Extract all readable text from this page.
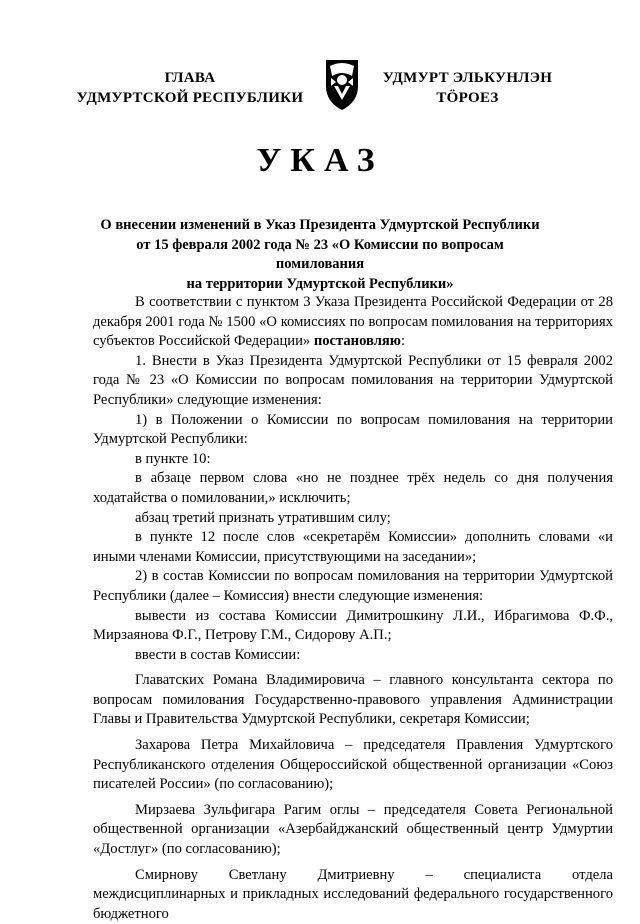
ГЛАВА
УДМУРТСКОЙ РЕСПУБЛИКИ
УДМУРТ ЭЛЬКУНЛЭН
ТӦРОЕЗ
УКАЗ
О внесении изменений в Указ Президента Удмуртской Республики
от 15 февраля 2002 года № 23 «О Комиссии по вопросам помилования
на территории Удмуртской Республики»

В соответствии с пунктом 3 Указа Президента Российской Федерации от 28 декабря 2001 года № 1500 «О комиссиях по вопросам помилования на территориях субъектов Российской Федерации» постановляю:

1. Внести в Указ Президента Удмуртской Республики от 15 февраля 2002 года № 23 «О Комиссии по вопросам помилования на территории Удмуртской Республики» следующие изменения:

1) в Положении о Комиссии по вопросам помилования на территории Удмуртской Республики:

в пункте 10:

в абзаце первом слова «но не позднее трёх недель со дня получения ходатайства о помиловании,» исключить;

абзац третий признать утратившим силу;

в пункте 12 после слов «секретарём Комиссии» дополнить словами «и иными членами Комиссии, присутствующими на заседании»;

2) в состав Комиссии по вопросам помилования на территории Удмуртской Республики (далее – Комиссия) внести следующие изменения:

вывести из состава Комиссии Димитрошкину Л.И., Ибрагимова Ф.Ф., Мирзаянова Ф.Г., Петрову Г.М., Сидорову А.П.;

ввести в состав Комиссии:

Главатских Романа Владимировича – главного консультанта сектора по вопросам помилования Государственно-правового управления Администрации Главы и Правительства Удмуртской Республики, секретаря Комиссии;

Захарова Петра Михайловича – председателя Правления Удмуртского Республиканского отделения Общероссийской общественной организации «Союз писателей России» (по согласованию);

Мирзаева Зульфигара Рагим оглы – председателя Совета Региональной общественной организации «Азербайджанский общественный центр Удмуртии «Достлуг» (по согласованию);

Смирнову Светлану Дмитриевну – специалиста отдела междисциплинарных и прикладных исследований федерального государственного бюджетного
